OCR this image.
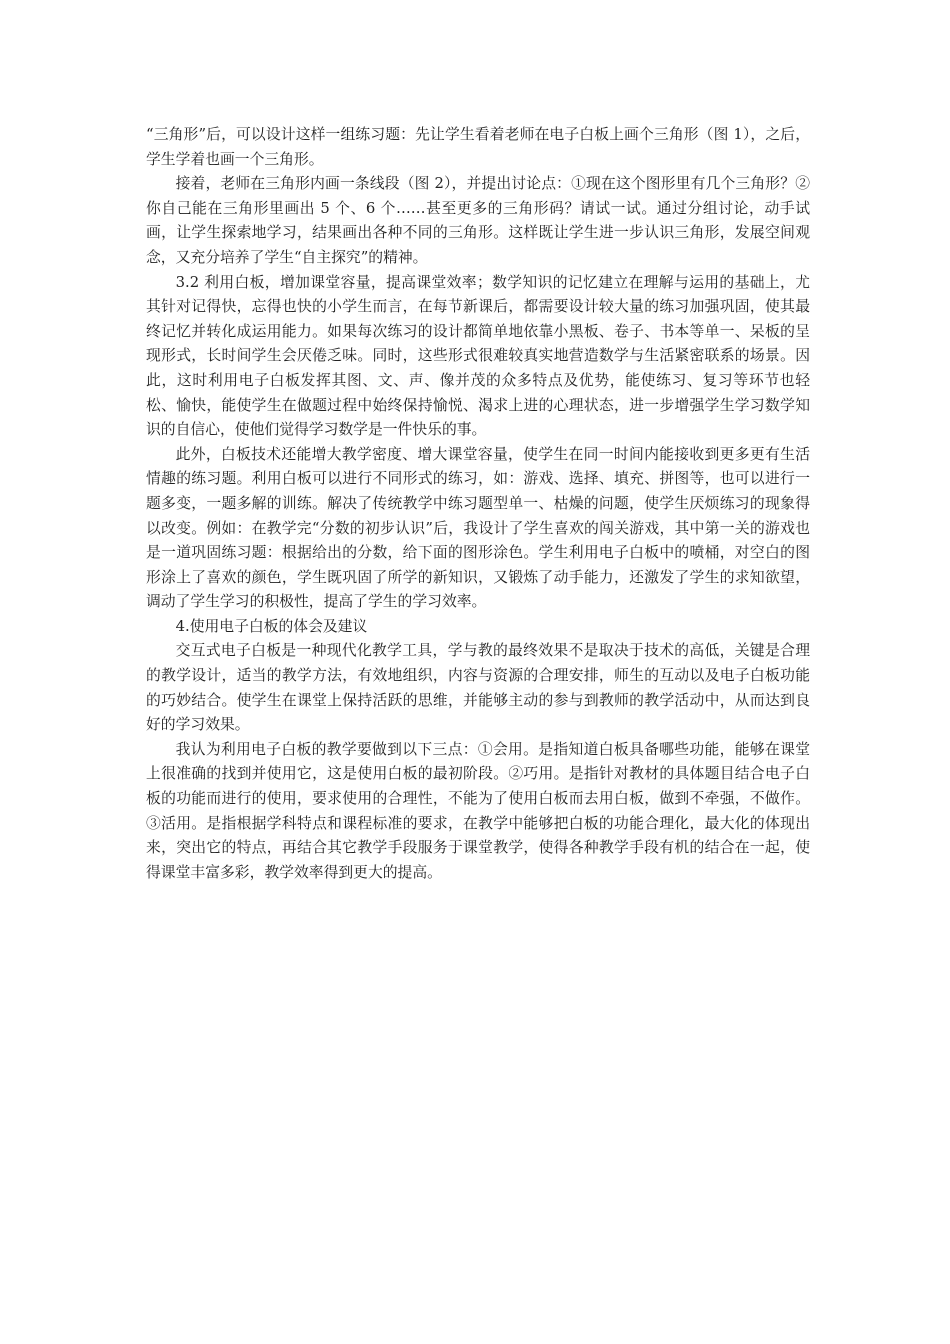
“三角形”后，可以设计这样一组练习题：先让学生看着老师在电子白板上画个三角形（图 1），之后，学生学着也画一个三角形。

接着，老师在三角形内画一条线段（图 2），并提出讨论点：①现在这个图形里有几个三角形？②你自己能在三角形里画出 5 个、6 个……甚至更多的三角形码？请试一试。通过分组讨论，动手试画，让学生探索地学习，结果画出各种不同的三角形。这样既让学生进一步认识三角形，发展空间观念，又充分培养了学生“自主探究”的精神。

3.2 利用白板，增加课堂容量，提高课堂效率；数学知识的记忆建立在理解与运用的基础上，尤其针对记得快，忘得也快的小学生而言，在每节新课后，都需要设计较大量的练习加强巩固，使其最终记忆并转化成运用能力。如果每次练习的设计都简单地依靠小黑板、卷子、书本等单一、呆板的呈现形式，长时间学生会厌倦乏味。同时，这些形式很难较真实地营造数学与生活紧密联系的场景。因此，这时利用电子白板发挥其图、文、声、像并茂的众多特点及优势，能使练习、复习等环节也轻松、愉快，能使学生在做题过程中始终保持愉悦、渴求上进的心理状态，进一步增强学生学习数学知识的自信心，使他们觉得学习数学是一件快乐的事。

此外，白板技术还能增大教学密度、增大课堂容量，使学生在同一时间内能接收到更多更有生活情趣的练习题。利用白板可以进行不同形式的练习，如：游戏、选择、填充、拼图等，也可以进行一题多变，一题多解的训练。解决了传统教学中练习题型单一、枯燥的问题，使学生厌烦练习的现象得以改变。例如：在教学完“分数的初步认识”后，我设计了学生喜欢的闯关游戏，其中第一关的游戏也是一道巩固练习题：根据给出的分数，给下面的图形涂色。学生利用电子白板中的喷桶，对空白的图形涂上了喜欢的颜色，学生既巩固了所学的新知识，又锻炼了动手能力，还激发了学生的求知欲望，调动了学生学习的积极性，提高了学生的学习效率。

4.使用电子白板的体会及建议

交互式电子白板是一种现代化教学工具，学与教的最终效果不是取决于技术的高低，关键是合理的教学设计，适当的教学方法，有效地组织，内容与资源的合理安排，师生的互动以及电子白板功能的巧妙结合。使学生在课堂上保持活跃的思维，并能够主动的参与到教师的教学活动中，从而达到良好的学习效果。

我认为利用电子白板的教学要做到以下三点：①会用。是指知道白板具备哪些功能，能够在课堂上很准确的找到并使用它，这是使用白板的最初阶段。②巧用。是指针对教材的具体题目结合电子白板的功能而进行的使用，要求使用的合理性，不能为了使用白板而去用白板，做到不牵强，不做作。③活用。是指根据学科特点和课程标准的要求，在教学中能够把白板的功能合理化，最大化的体现出来，突出它的特点，再结合其它教学手段服务于课堂教学，使得各种教学手段有机的结合在一起，使得课堂丰富多彩，教学效率得到更大的提高。
